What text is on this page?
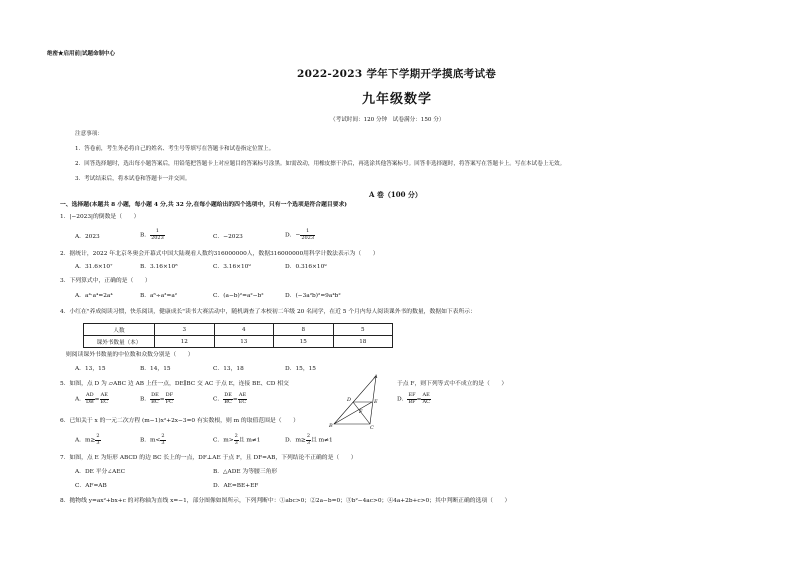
绝密★启用前|试题命制中心
2022-2023 学年下学期开学摸底考试卷
九年级数学
（考试时间：120 分钟　试卷满分：150 分）
注意事项：
1．答卷前，考生务必将自己的姓名、考生号等填写在答题卡和试卷指定位置上。
2．回答选择题时，选出每小题答案后，用铅笔把答题卡上对应题目的答案标号涂黑。如需改动，用橡皮擦干净后，再选涂其他答案标号。回答非选择题时，将答案写在答题卡上。写在本试卷上无效。
3．考试结束后，将本试卷和答题卡一并交回。
A 卷（100 分）
一、选择题(本题共 8 小题，每小题 4 分,共 32 分,在每小题给出的四个选项中，只有一个选项是符合题目要求)
1．|−2023|的倒数是（　　）
A．2023	B． $\frac{1}{2023}$	C．−2023	D．− $\frac{1}{2023}$
2．据统计，2022 年北京冬奥会开幕式中国大陆观看人数约316000000人，数据316000000用科学计数法表示为（　　）
A．31.6×10⁷	B．3.16×10⁸	C．3.16×10⁹	D．0.316×10⁹
3．下列算式中，正确的是（　　）
A．a⁴·a⁴=2a⁴	B．a⁶÷a³=a²	C．(a−b)²=a²−b²	D．(−3a²b)²=9a⁴b²
4．小红在"养成阅读习惯，快乐阅读，健康成长"读书大赛活动中，随机调查了本校初二年级 20 名同学，在近 5 个月内每人阅读课外书的数量，数据如下表所示：
人数	3	4	8	5
课外书数量（本）	12	13	15	18
则阅读课外书数量的中位数和众数分别是（　　）
A．13，15	B．14，15	C．13，18	D．15，15
5．如图，点 D 为 ▱ABC 边 AB 上任一点，DE∥BC 交 AC 于点 E，连接 BE、CD 相交	于点 F，则下列等式中不成立的是（　　）
A
B	C
D	E
F
A． $\frac{AD}{DB} = \frac{AE}{EC}$	B． $\frac{DE}{BC} = \frac{DF}{FC}$	C． $\frac{DE}{BC} = \frac{AE}{EC}$	D． $\frac{EF}{BF} = \frac{AE}{AC}$
6．已知关于 x 的一元二次方程 (m−1)x²+2x−3=0 有实数根，则 m 的取值范围是（　　）
A．$m\ge \frac{2}{3}$	B．$m< \frac{2}{3}$	C．$m> \frac{2}{3}$ 且 m≠1	D．$m\ge \frac{2}{3}$ 且 m≠1
7．如图，点 E 为矩形 ABCD 的边 BC 长上的一点，DF⊥AE 于点 F，且 DF=AB，下列结论不正确的是（　　）
A．DE 平分∠AEC	B．△ADE 为等腰三角形
C．AF=AB	D．AE=BE+EF
8．抛物线 y=ax²+bx+c 的对称轴为直线 x=−1，部分图像如图所示，下列判断中：①abc>0；②2a−b=0；③b²−4ac>0；④4a+2b+c>0；其中判断正确的选项（　　）
